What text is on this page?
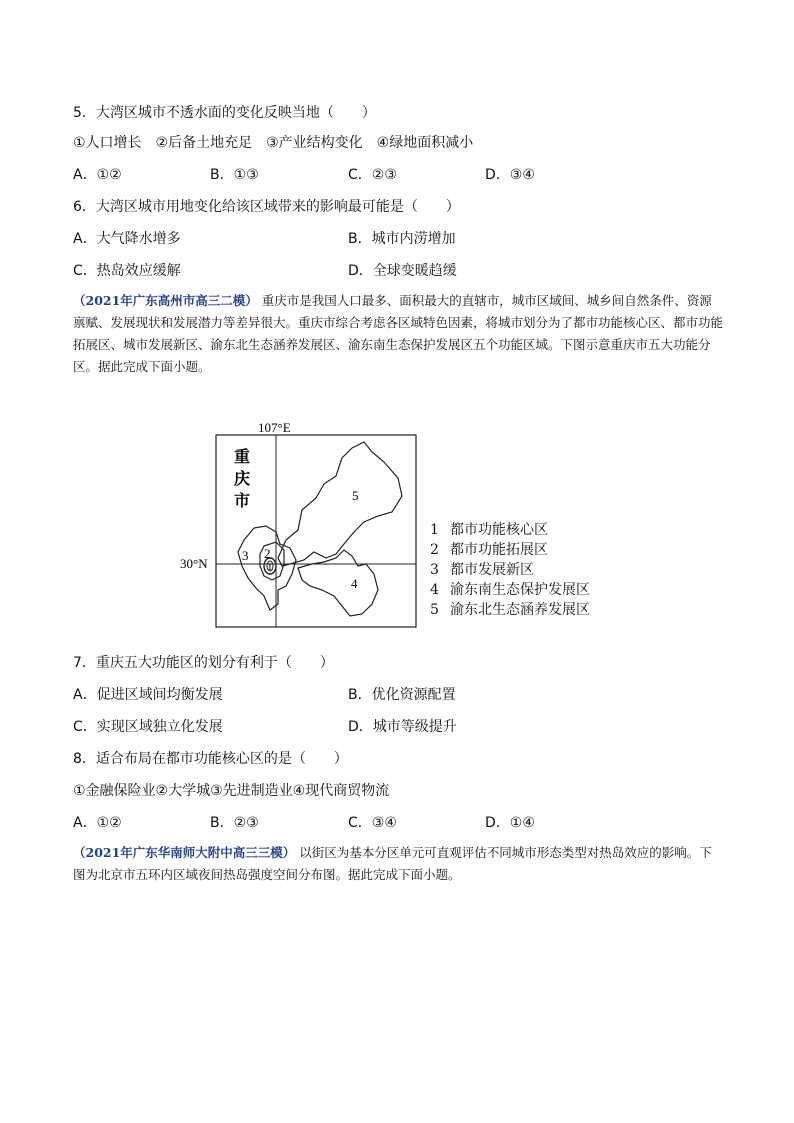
5．大湾区城市不透水面的变化反映当地（　　）
①人口增长　②后备土地充足　③产业结构变化　④绿地面积减小
A．①②	B．①③	C．②③	D．③④
6．大湾区城市用地变化给该区域带来的影响最可能是（　　）
A．大气降水增多	B．城市内涝增加
C．热岛效应缓解	D．全球变暖趋缓
（2021年广东高州市高三二模） 重庆市是我国人口最多、面积最大的直辖市，城市区域间、城乡间自然条件、资源禀赋、发展现状和发展潜力等差异很大。重庆市综合考虑各区域特色因素，将城市划分为了都市功能核心区、都市功能拓展区、城市发展新区、渝东北生态涵养发展区、渝东南生态保护发展区五个功能区域。下图示意重庆市五大功能分区。据此完成下面小题。
107°E
30°N
重
庆
市
1
2
3
4
5
1 都市功能核心区
2 都市功能拓展区
3 都市发展新区
4 渝东南生态保护发展区
5 渝东北生态涵养发展区
7．重庆五大功能区的划分有利于（　　）
A．促进区域间均衡发展	B．优化资源配置
C．实现区域独立化发展	D．城市等级提升
8．适合布局在都市功能核心区的是（　　）
①金融保险业②大学城③先进制造业④现代商贸物流
A．①②	B．②③	C．③④	D．①④
（2021年广东华南师大附中高三三模） 以街区为基本分区单元可直观评估不同城市形态类型对热岛效应的影响。下图为北京市五环内区域夜间热岛强度空间分布图。据此完成下面小题。
